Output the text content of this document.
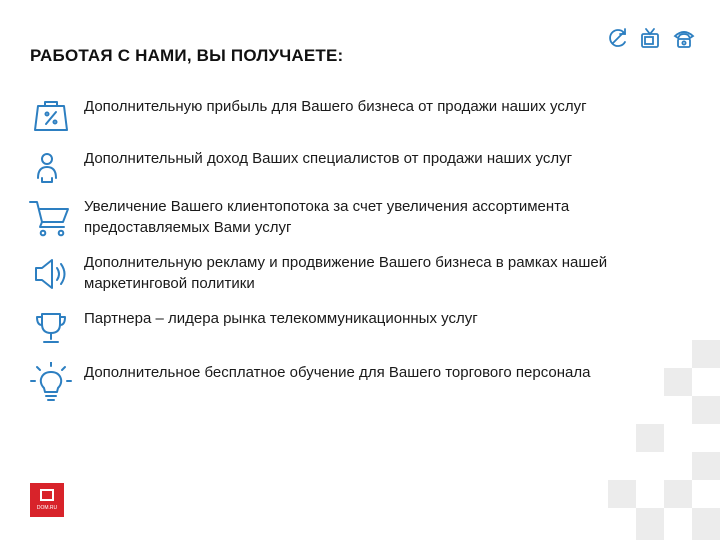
РАБОТАЯ С НАМИ, ВЫ ПОЛУЧАЕТЕ:
Дополнительную прибыль для Вашего бизнеса от продажи наших услуг
Дополнительный доход Ваших специалистов от продажи наших услуг
Увеличение Вашего клиентопотока за счет увеличения ассортимента предоставляемых Вами услуг
Дополнительную рекламу и продвижение Вашего бизнеса в рамках нашей маркетинговой политики
Партнера – лидера рынка телекоммуникационных услуг
Дополнительное бесплатное обучение для Вашего торгового персонала
DOM.RU
